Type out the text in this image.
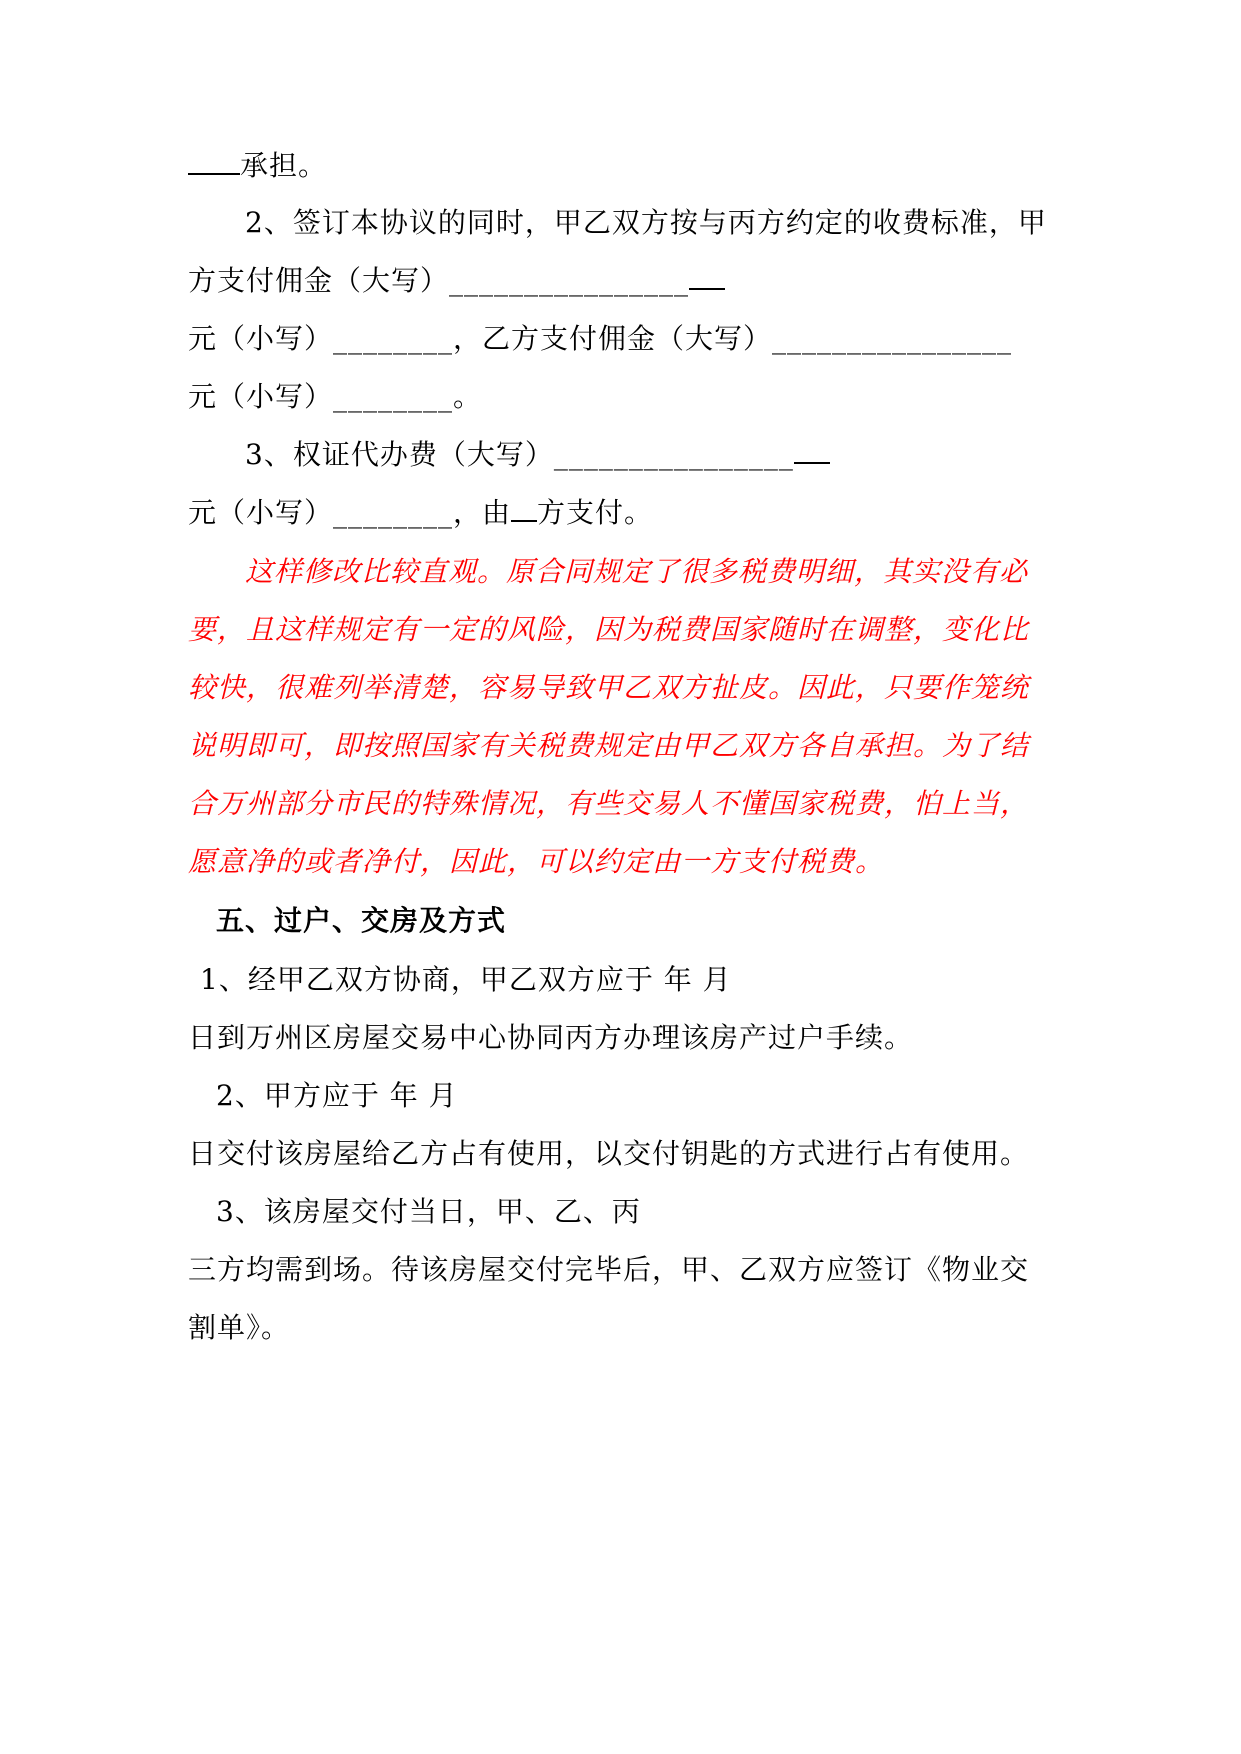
承担。
2、签订本协议的同时，甲乙双方按与丙方约定的收费标准，甲
方支付佣金（大写）________________
元（小写）________，乙方支付佣金（大写）________________
元（小写）________。
3、权证代办费（大写）________________
元（小写）________，由 方支付。
这样修改比较直观。原合同规定了很多税费明细，其实没有必
要，且这样规定有一定的风险，因为税费国家随时在调整，变化比
较快，很难列举清楚，容易导致甲乙双方扯皮。因此，只要作笼统
说明即可，即按照国家有关税费规定由甲乙双方各自承担。为了结
合万州部分市民的特殊情况，有些交易人不懂国家税费，怕上当，
愿意净的或者净付，因此，可以约定由一方支付税费。
五、过户、交房及方式
1、经甲乙双方协商，甲乙双方应于 年 月
日到万州区房屋交易中心协同丙方办理该房产过户手续。
2、甲方应于 年 月
日交付该房屋给乙方占有使用，以交付钥匙的方式进行占有使用。
3、该房屋交付当日，甲、乙、丙
三方均需到场。待该房屋交付完毕后，甲、乙双方应签订《物业交
割单》。
